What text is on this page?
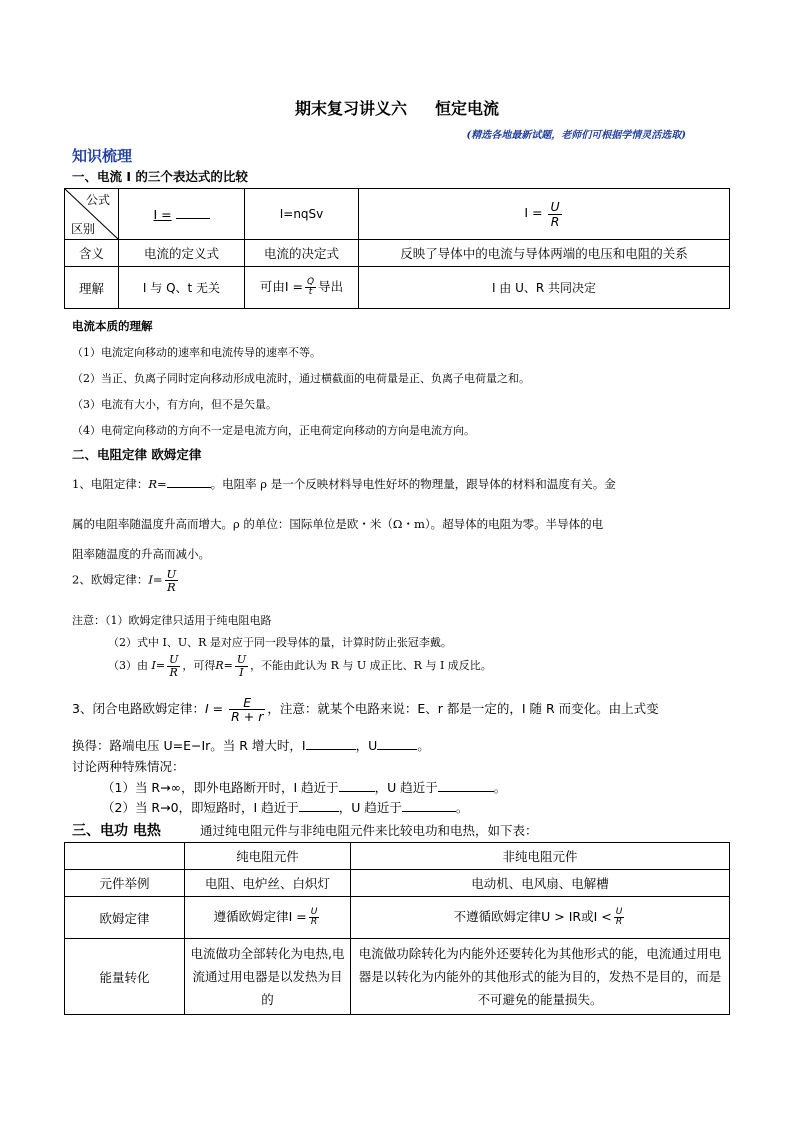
期末复习讲义六 恒定电流
(精选各地最新试题，老师们可根据学情灵活选取)
知识梳理
一、电流 I 的三个表达式的比较
公式
区别	I =	I=nqSv	$I = \frac{U}{R}$

含义	电流的定义式	电流的决定式	反映了导体中的电流与导体两端的电压和电阻的关系
理解	I 与 Q、t 无关	可由$I = \frac{Q}{t}$ 导出	I 由 U、R 共同决定
电流本质的理解
（1）电流定向移动的速率和电流传导的速率不等。
（2）当正、负离子同时定向移动形成电流时，通过横截面的电荷量是正、负离子电荷量之和。
（3）电流有大小，有方向，但不是矢量。
（4）电荷定向移动的方向不一定是电流方向，正电荷定向移动的方向是电流方向。
二、电阻定律 欧姆定律
1、电阻定律：R=	。电阻率 ρ 是一个反映材料导电性好坏的物理量，跟导体的材料和温度有关。金
属的电阻率随温度升高而增大。ρ 的单位：国际单位是欧・米（Ω・m）。超导体的电阻为零。半导体的电
阻率随温度的升高而减小。
2、欧姆定律：$I= \frac{U}{R}$
注意：（1）欧姆定律只适用于纯电阻电路
（2）式中 I、U、R 是对应于同一段导体的量，计算时防止张冠李戴。
（3）由 $I= \frac{U}{R}$ ，可得$R= \frac{U}{I}$ ，不能由此认为 R 与 U 成正比、R 与 I 成反比。
3、闭合电路欧姆定律：$I = \frac{E}{R + r}$ ，注意：就某个电路来说：E、r 都是一定的，I 随 R 而变化。由上式变
换得：路端电压 U=E−Ir。当 R 增大时，I	，U	。
讨论两种特殊情况：
（1）当 R→∞，即外电路断开时，I 趋近于	，U 趋近于	。
（2）当 R→0，即短路时，I 趋近于	，U 趋近于	。
三、电功 电热	通过纯电阻元件与非纯电阻元件来比较电功和电热，如下表：
	纯电阻元件	非纯电阻元件
元件举例	电阻、电炉丝、白炽灯	电动机、电风扇、电解槽
欧姆定律	遵循欧姆定律$I = \frac{U}{R}$	不遵循欧姆定律U > IR或$I < \frac{U}{R}$

能量转化	电流做功全部转化为电热,电流通过用电器是以发热为目的	电流做功除转化为内能外还要转化为其他形式的能，电流通过用电器是以转化为内能外的其他形式的能为目的，发热不是目的，而是不可避免的能量损失。
